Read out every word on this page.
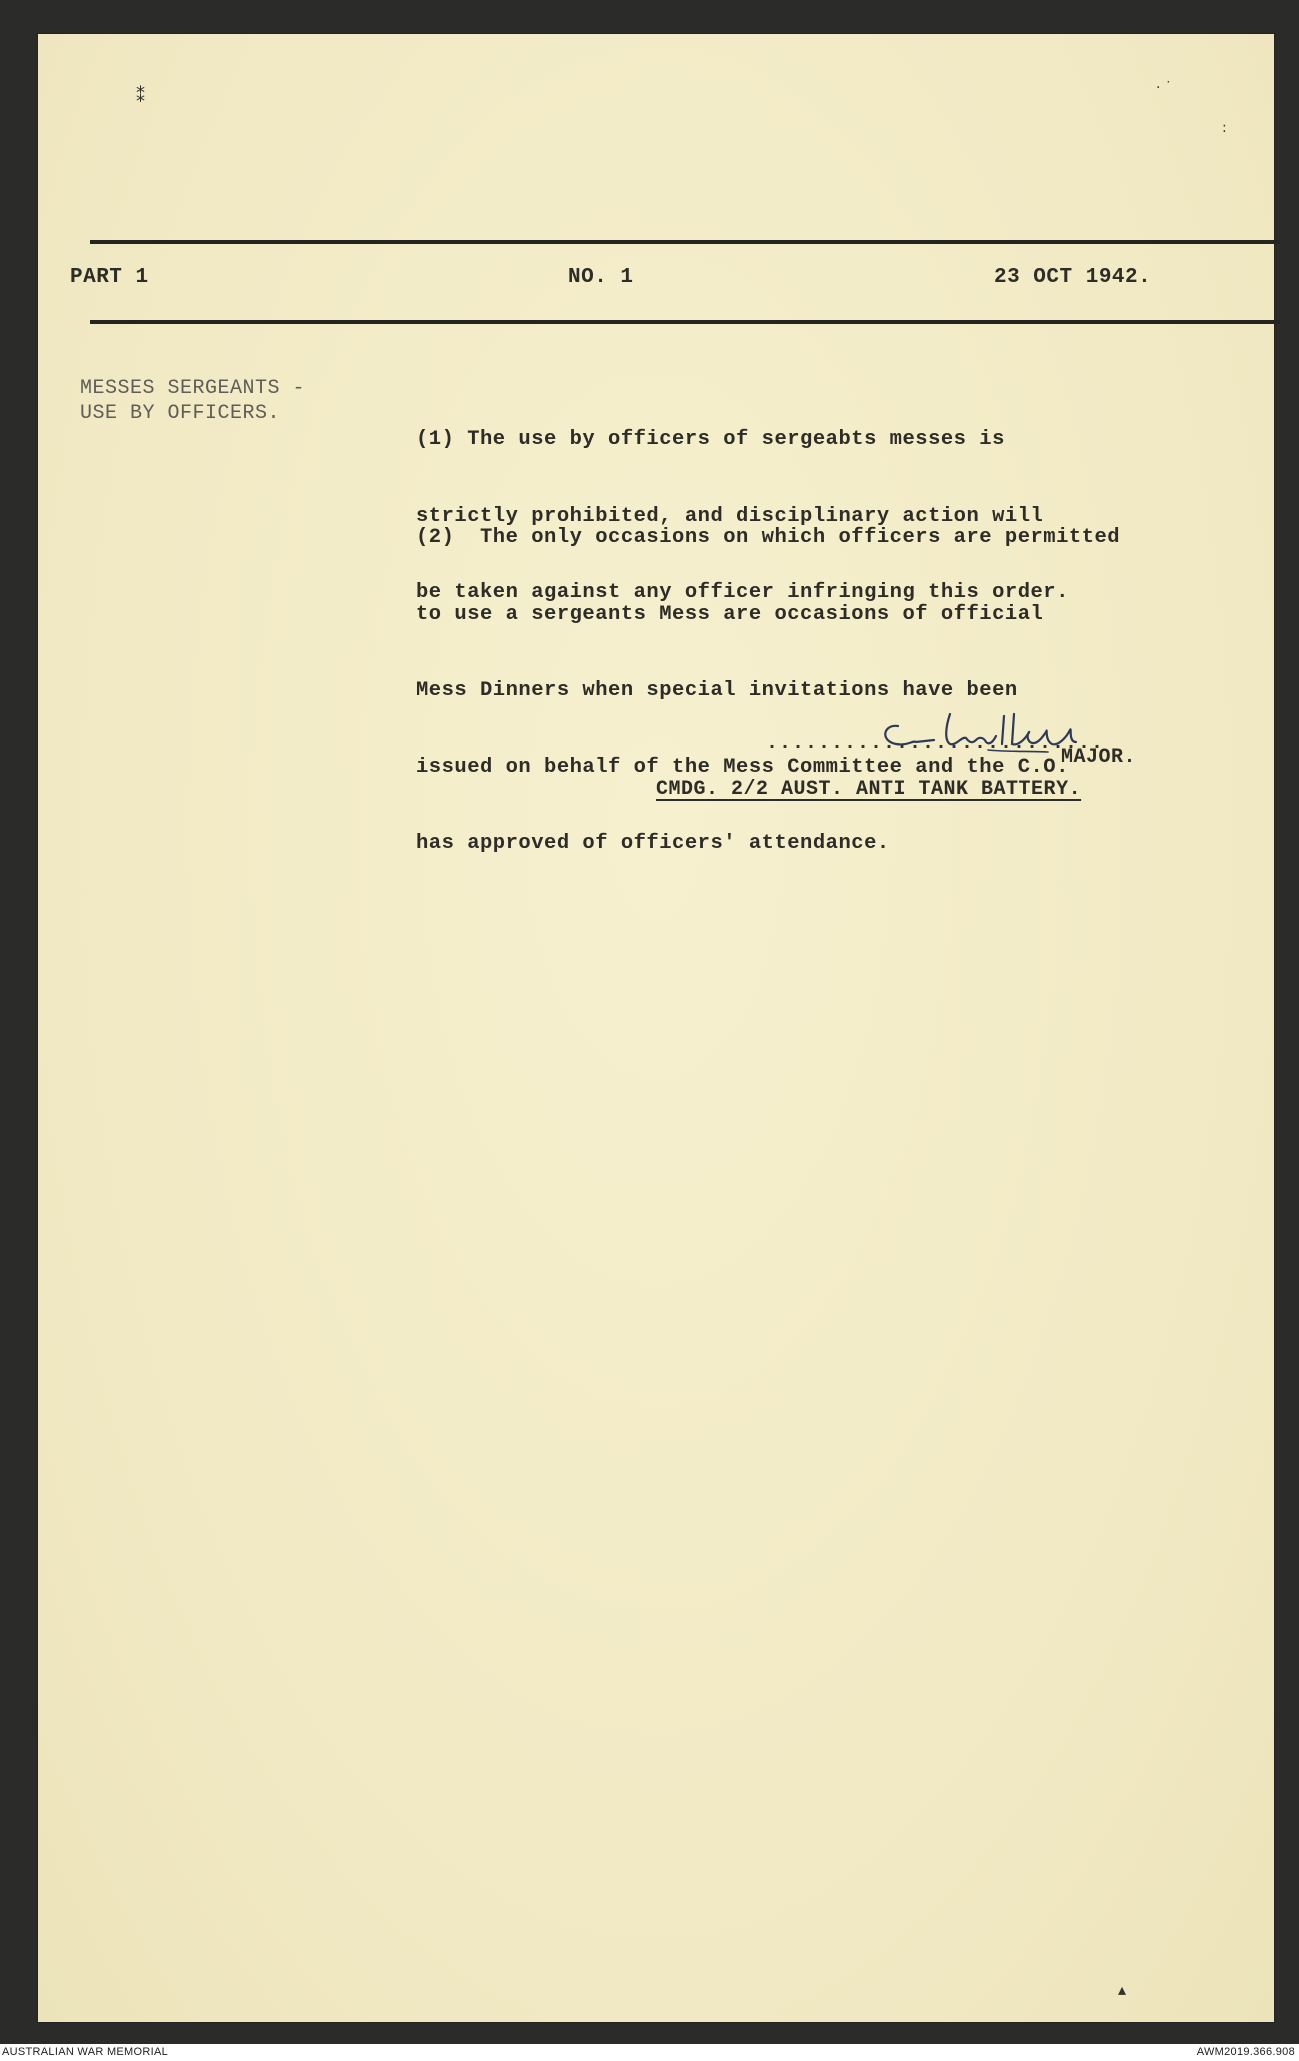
⁑	· ˙
:
PART 1	NO. 1	23 OCT 1942.
MESSES SERGEANTS -
USE BY OFFICERS.

(1) The use by officers of sergeabts messes is

strictly prohibited, and disciplinary action will

be taken against any officer infringing this order.

(2)  The only occasions on which officers are permitted

to use a sergeants Mess are occasions of official

Mess Dinners when special invitations have been

issued on behalf of the Mess Committee and the C.O.

has approved of officers' attendance.

..........................
MAJOR.
CMDG. 2/2 AUST. ANTI TANK BATTERY.
▴
AUSTRALIAN WAR MEMORIAL	AWM2019.366.908
